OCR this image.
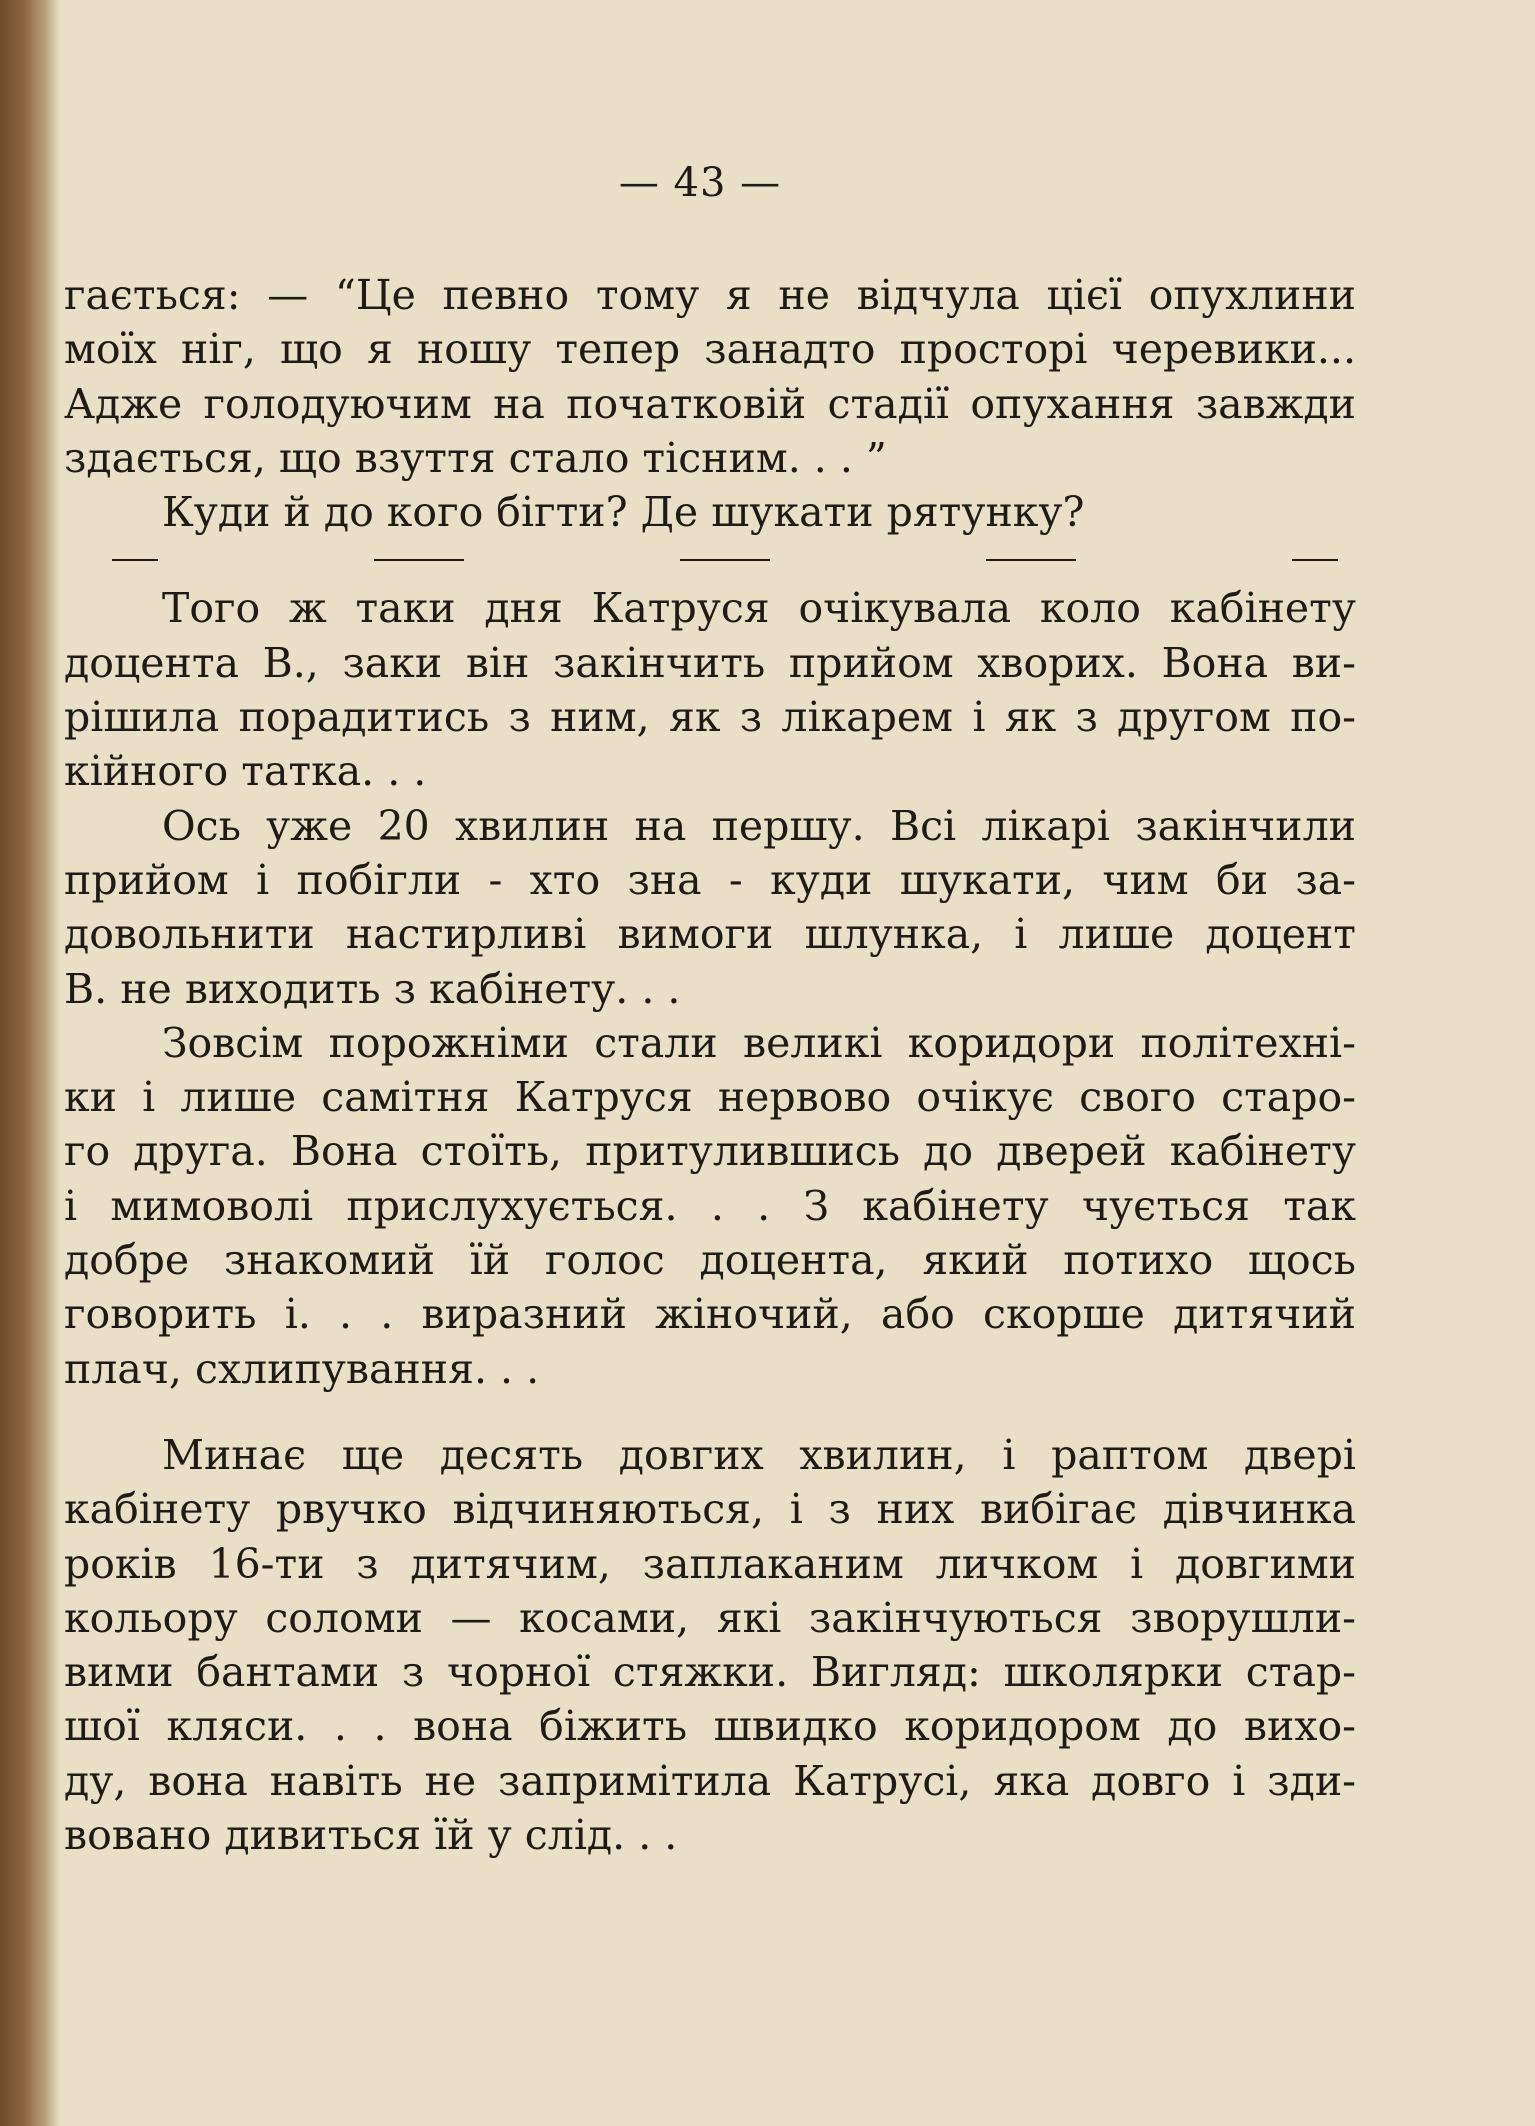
— 43 —
гається: — “Це певно тому я не відчула цієї опухлини
моїх ніг, що я ношу тепер занадто просторі черевики...
Адже голодуючим на початковій стадії опухання завжди
здається, що взуття стало тісним. . . ”
Куди й до кого бігти? Де шукати рятунку?
Того ж таки дня Катруся очікувала коло кабінету
доцента В., заки він закінчить прийом хворих. Вона ви-
рішила порадитись з ним, як з лікарем і як з другом по-
кійного татка. . .
Ось уже 20 хвилин на першу. Всі лікарі закінчили
прийом і побігли - хто зна - куди шукати, чим би за-
довольнити настирливі вимоги шлунка, і лише доцент
В. не виходить з кабінету. . .
Зовсім порожніми стали великі коридори політехні-
ки і лише самітня Катруся нервово очікує свого старо-
го друга. Вона стоїть, притулившись до дверей кабінету
і мимоволі прислухується. . . З кабінету чується так
добре знакомий їй голос доцента, який потихо щось
говорить і. . . виразний жіночий, або скорше дитячий
плач, схлипування. . .
Минає ще десять довгих хвилин, і раптом двері
кабінету рвучко відчиняються, і з них вибігає дівчинка
років 16-ти з дитячим, заплаканим личком і довгими
кольору соломи — косами, які закінчуються зворушли-
вими бантами з чорної стяжки. Вигляд: школярки стар-
шої кляси. . . вона біжить швидко коридором до вихо-
ду, вона навіть не запримітила Катрусі, яка довго і зди-
вовано дивиться їй у слід. . .
